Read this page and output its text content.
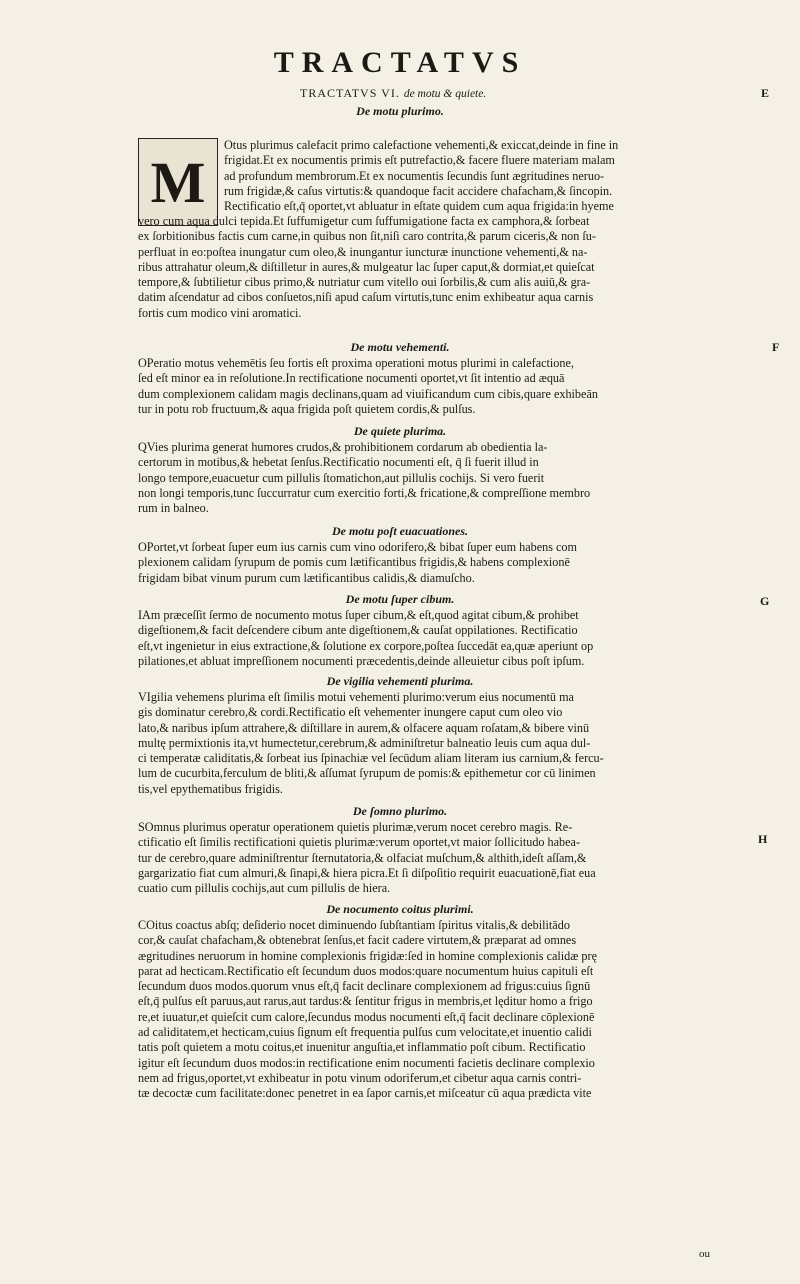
TRACTATVS
TRACTATVS VI. de motu & quiete.	E
De motu plurimo.
M
Otus plurimus calefacit primo calefactione vehementi,& exiccat,deinde in fine in
frigidat.Et ex nocumentis primis eſt putrefactio,& facere fluere materiam malam
ad profundum membrorum.Et ex nocumentis ſecundis ſunt ægritudines neruo-
rum frigidæ,& caſus virtutis:& quandoque facit accidere chafacham,& ſincopin.
Rectificatio eſt,q̄ oportet,vt abluatur in eſtate quidem cum aqua frigida:in hyeme
vero cum aqua dulci tepida.Et ſuffumigetur cum ſuffumigatione facta ex camphora,& ſorbeat
ex ſorbitionibus factis cum carne,in quibus non ſit,niſi caro contrita,& parum ciceris,& non ſu-
perfluat in eo:poſtea inungatur cum oleo,& inungantur iuncturæ inunctione vehementi,& na-
ribus attrahatur oleum,& diſtilletur in aures,& mulgeatur lac ſuper caput,& dormiat,et quieſcat
tempore,& ſubtilietur cibus primo,& nutriatur cum vitello oui ſorbilis,& cum alis auiū,& gra-
datim aſcendatur ad cibos conſuetos,niſi apud caſum virtutis,tunc enim exhibeatur aqua carnis
fortis cum modico vini aromatici.
De motu vehementi.	F
OPeratio motus vehemētis ſeu fortis eſt proxima operationi motus plurimi in calefactione,
ſed eſt minor ea in reſolutione.In rectificatione nocumenti oportet,vt ſit intentio ad æquā
dum complexionem calidam magis declinans,quam ad viuificandum cum cibis,quare exhibeān
tur in potu rob fructuum,& aqua frigida poſt quietem cordis,& pulſus.
De quiete plurima.
QVies plurima generat humores crudos,& prohibitionem cordarum ab obedientia la-
certorum in motibus,& hebetat ſenſus.Rectificatio nocumenti eſt, q̄ ſi fuerit illud in
longo tempore,euacuetur cum pillulis ſtomatichon,aut pillulis cochijs. Si vero fuerit
non longi temporis,tunc ſuccurratur cum exercitio forti,& fricatione,& compreſſione membro
rum in balneo.
De motu poſt euacuationes.
OPortet,vt ſorbeat ſuper eum ius carnis cum vino odorifero,& bibat ſuper eum habens com
plexionem calidam ſyrupum de pomis cum lætificantibus frigidis,& habens complexionē
frigidam bibat vinum purum cum lætificantibus calidis,& diamuſcho.
De motu ſuper cibum.	G
IAm præceſſit ſermo de nocumento motus ſuper cibum,& eſt,quod agitat cibum,& prohibet
digeſtionem,& facit deſcendere cibum ante digeſtionem,& cauſat oppilationes. Rectificatio
eſt,vt ingenietur in eius extractione,& ſolutione ex corpore,poſtea ſuccedāt ea,quæ aperiunt op
pilationes,et abluat impreſſionem nocumenti præcedentis,deinde alleuietur cibus poſt ipſum.
De vigilia vehementi plurima.
VIgilia vehemens plurima eſt ſimilis motui vehementi plurimo:verum eius nocumentū ma
gis dominatur cerebro,& cordi.Rectificatio eſt vehementer inungere caput cum oleo vio
lato,& naribus ipſum attrahere,& diſtillare in aurem,& olfacere aquam roſatam,& bibere vinū
multę permixtionis ita,vt humectetur,cerebrum,& adminiſtretur balneatio leuis cum aqua dul-
ci temperatæ caliditatis,& ſorbeat ius ſpinachiæ vel ſecūdum aliam literam ius carnium,& fercu-
lum de cucurbita,ferculum de bliti,& aſſumat ſyrupum de pomis:& epithemetur cor cū linimen
tis,vel epythematibus frigidis.
De ſomno plurimo.
H
SOmnus plurimus operatur operationem quietis plurimæ,verum nocet cerebro magis. Re-
ctificatio eſt ſimilis rectificationi quietis plurimæ:verum oportet,vt maior ſollicitudo habea-
tur de cerebro,quare adminiſtrentur ſternutatoria,& olfaciat muſchum,& althith,ideſt aſſam,&
gargarizatio fiat cum almuri,& ſinapi,& hiera picra.Et ſi diſpoſitio requirit euacuationē,fiat eua
cuatio cum pillulis cochijs,aut cum pillulis de hiera.
De nocumento coitus plurimi.
COitus coactus abſq; deſiderio nocet diminuendo ſubſtantiam ſpiritus vitalis,& debilitādo
cor,& cauſat chafacham,& obtenebrat ſenſus,et facit cadere virtutem,& præparat ad omnes
ægritudines neruorum in homine complexionis frigidæ:ſed in homine complexionis calidæ prę
parat ad hecticam.Rectificatio eſt ſecundum duos modos:quare nocumentum huius capituli eſt
ſecundum duos modos.quorum vnus eſt,q̄ facit declinare complexionem ad frigus:cuius ſignū
eſt,q̄ pulſus eſt paruus,aut rarus,aut tardus:& ſentitur frigus in membris,et lęditur homo a frigo
re,et iuuatur,et quieſcit cum calore,ſecundus modus nocumenti eſt,q̄ facit declinare cōplexionē
ad caliditatem,et hecticam,cuius ſignum eſt frequentia pulſus cum velocitate,et inuentio calidi
tatis poſt quietem a motu coitus,et inuenitur anguſtia,et inflammatio poſt cibum. Rectificatio
igitur eſt ſecundum duos modos:in rectificatione enim nocumenti facietis declinare complexio
nem ad frigus,oportet,vt exhibeatur in potu vinum odoriferum,et cibetur aqua carnis contri-
tæ decoctæ cum facilitate:donec penetret in ea ſapor carnis,et miſceatur cū aqua prædicta vite
ou
